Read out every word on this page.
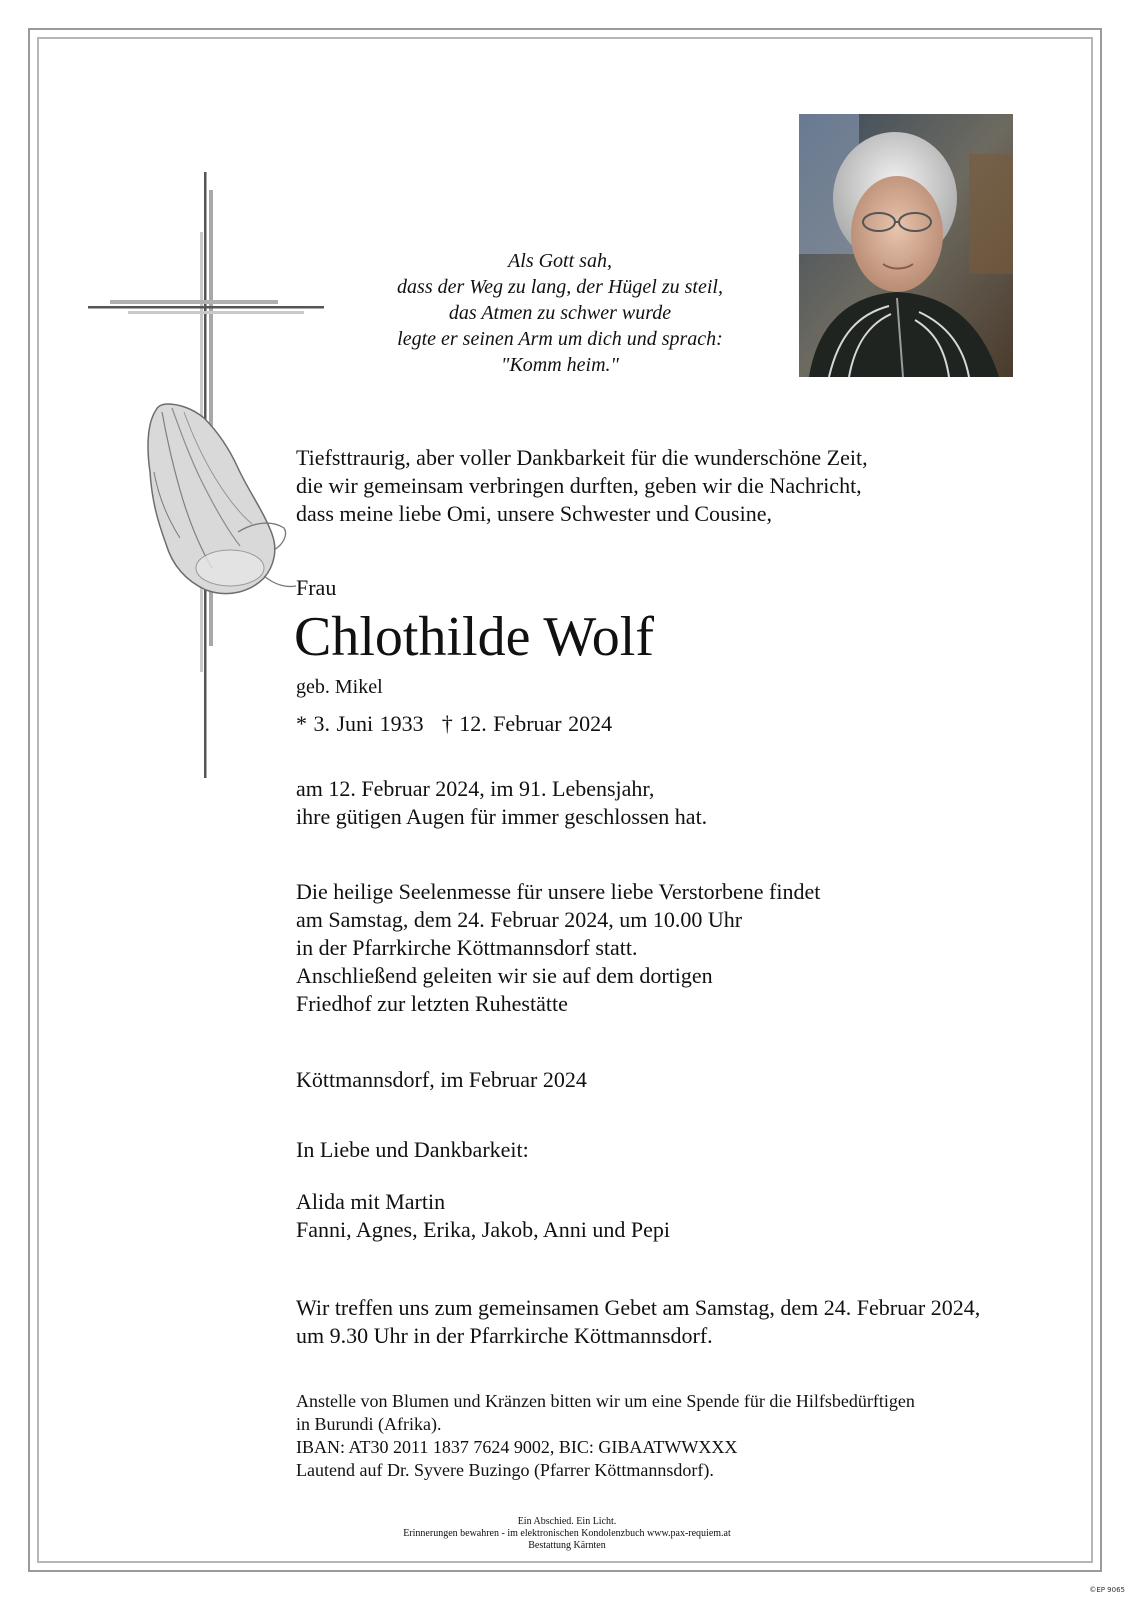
Als Gott sah,
dass der Weg zu lang, der Hügel zu steil,
das Atmen zu schwer wurde
legte er seinen Arm um dich und sprach:
"Komm heim."
Tiefsttraurig, aber voller Dankbarkeit für die wunderschöne Zeit,
die wir gemeinsam verbringen durften, geben wir die Nachricht,
dass meine liebe Omi, unsere Schwester und Cousine,
Frau
Chlothilde Wolf
geb. Mikel
* 3. Juni 1933 † 12. Februar 2024
am 12. Februar 2024, im 91. Lebensjahr,
ihre gütigen Augen für immer geschlossen hat.
Die heilige Seelenmesse für unsere liebe Verstorbene findet
am Samstag, dem 24. Februar 2024, um 10.00 Uhr
in der Pfarrkirche Köttmannsdorf statt.
Anschließend geleiten wir sie auf dem dortigen
Friedhof zur letzten Ruhestätte
Köttmannsdorf, im Februar 2024
In Liebe und Dankbarkeit:
Alida mit Martin
Fanni, Agnes, Erika, Jakob, Anni und Pepi
Wir treffen uns zum gemeinsamen Gebet am Samstag, dem 24. Februar 2024,
um 9.30 Uhr in der Pfarrkirche Köttmannsdorf.
Anstelle von Blumen und Kränzen bitten wir um eine Spende für die Hilfsbedürftigen
in Burundi (Afrika).
IBAN: AT30 2011 1837 7624 9002, BIC: GIBAATWWXXX
Lautend auf Dr. Syvere Buzingo (Pfarrer Köttmannsdorf).
Ein Abschied. Ein Licht.
Erinnerungen bewahren - im elektronischen Kondolenzbuch www.pax-requiem.at
Bestattung Kärnten
©EP 9065
